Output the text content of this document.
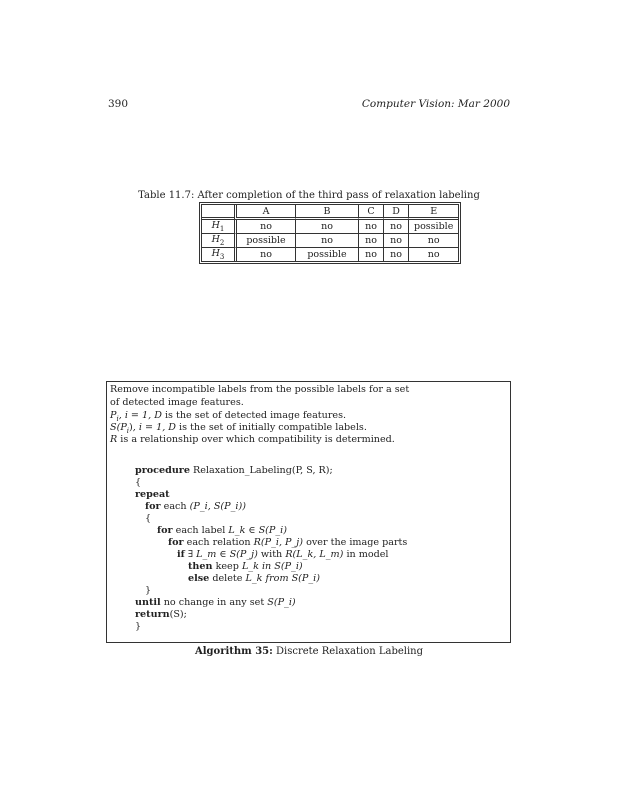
390	Computer Vision: Mar 2000
Table 11.7: After completion of the third pass of relaxation labeling
	A	B	C	D	E
$H_1$	no	no	no	no	possible
$H_2$	possible	no	no	no	no
$H_3$	no	possible	no	no	no
Remove incompatible labels from the possible labels for a set
of detected image features.
$P_i$, i = 1, D is the set of detected image features.
$S(P_i)$, i = 1, D is the set of initially compatible labels.
R is a relationship over which compatibility is determined.
procedure Relaxation_Labeling(P, S, R);
{
repeat
for each (P_i, S(P_i))
{
for each label L_k ∈ S(P_i)
for each relation R(P_i, P_j) over the image parts
if ∃ L_m ∈ S(P_j) with R(L_k, L_m) in model
then keep L_k in S(P_i)
else delete L_k from S(P_i)
}
until no change in any set S(P_i)
return(S);
}
Algorithm 35: Discrete Relaxation Labeling
